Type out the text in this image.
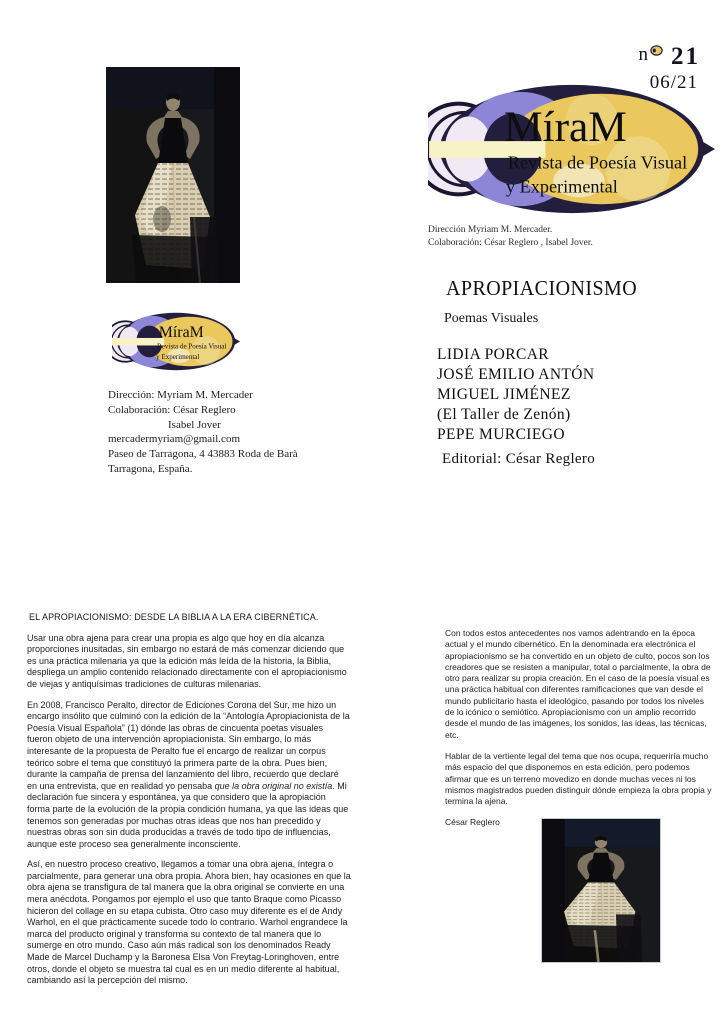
n 21
06/21
MíraM
Revista de Poesía Visual
y Experimental
Dirección Myriam M. Mercader.
Colaboración: César Reglero , Isabel Jover.
APROPIACIONISMO
Poemas Visuales
LIDIA PORCAR
JOSÉ EMILIO ANTÓN
MIGUEL JIMÉNEZ
(El Taller de Zenón)
PEPE MURCIEGO
Editorial: César Reglero
MíraM
Revista de Poesía Visual
y Experimental
Dirección: Myriam M. Mercader
Colaboración: César Reglero
Isabel Jover
mercadermyriam@gmail.com
Paseo de Tarragona, 4 43883 Roda de Barà
Tarragona, España.
EL APROPIACIONISMO: DESDE LA BIBLIA A LA ERA CIBERNÉTICA.

Usar una obra ajena para crear una propia es algo que hoy en día alcanza proporciones inusitadas, sin embargo no estará de más comenzar diciendo que es una práctica milenaria ya que la edición más leída de la historia, la Biblia, despliega un amplio contenido relacionado directamente con el apropiacionismo de viejas y antiquísimas tradiciones de culturas milenarias.

En 2008, Francisco Peralto, director de Ediciones Corona del Sur, me hizo un encargo insólito que culminó con la edición de la “Antología Apropiacionista de la Poesía Visual Española” (1) dónde las obras de cincuenta poetas visuales fueron objeto de una intervención apropiacionista. Sin embargo, lo más interesante de la propuesta de Peralto fue el encargo de realizar un corpus teórico sobre el tema que constituyó la primera parte de la obra. Pues bien, durante la campaña de prensa del lanzamiento del libro, recuerdo que declaré en una entrevista, que en realidad yo pensaba que la obra original no existía. Mi declaración fue sincera y espontánea, ya que considero que la apropiación forma parte de la evolución de la propia condición humana, ya que las ideas que tenemos son generadas por muchas otras ideas que nos han precedido y nuestras obras son sin duda producidas a través de todo tipo de influencias, aunque este proceso sea generalmente inconsciente.

Así, en nuestro proceso creativo, llegamos a tomar una obra ajena, íntegra o parcialmente, para generar una obra propia. Ahora bien, hay ocasiones en que la obra ajena se transfigura de tal manera que la obra original se convierte en una mera anécdota. Pongamos por ejemplo el uso que tanto Braque como Picasso hicieron del collage en su etapa cubista. Otro caso muy diferente es el de Andy Warhol, en el que prácticamente sucede todo lo contrario. Warhol engrandece la marca del producto original y transforma su contexto de tal manera que lo sumerge en otro mundo. Caso aún más radical son los denominados Ready Made de Marcel Duchamp y la Baronesa Elsa Von Freytag-Loringhoven, entre otros, donde el objeto se muestra tal cual es en un medio diferente al habitual, cambiando así la percepción del mismo.

Con todos estos antecedentes nos vamos adentrando en la época actual y el mundo cibernético. En la denominada era electrónica el apropiacionismo se ha convertido en un objeto de culto, pocos son los creadores que se resisten a manipular, total o parcialmente, la obra de otro para realizar su propia creación. En el caso de la poesía visual es una práctica habitual con diferentes ramificaciones que van desde el mundo publicitario hasta el ideológico, pasando por todos los niveles de lo icónico o semiótico. Apropiacionismo con un amplio recorrido desde el mundo de las imágenes, los sonidos, las ideas, las técnicas, etc.

Hablar de la vertiente legal del tema que nos ocupa, requeriría mucho más espacio del que disponemos en esta edición, pero podemos afirmar que es un terreno movedizo en donde muchas veces ni los mismos magistrados pueden distinguir dónde empieza la obra propia y termina la ajena.

César Reglero
